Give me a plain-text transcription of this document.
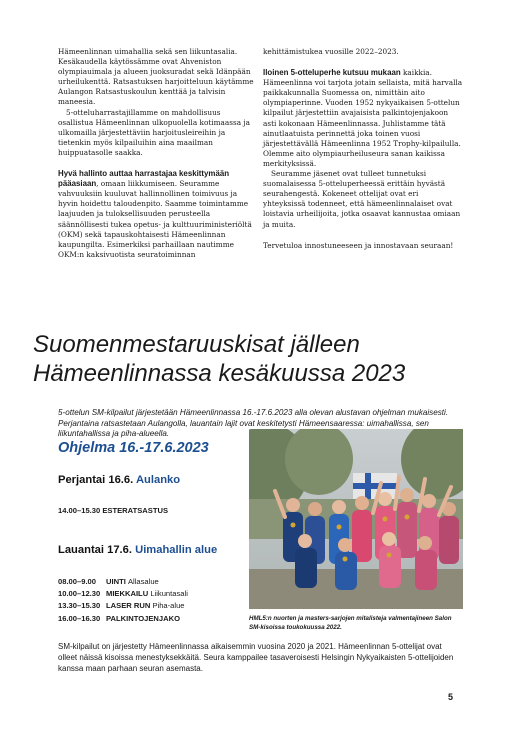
Hämeenlinnan uimahallia sekä sen liikuntasalia. Kesäkaudella käytössämme ovat Ahveniston olympiauimala ja alueen juoksuradat sekä Idänpään urheilukenttä. Ratsastuksen harjoitteluun käytämme Aulangon Ratsastuskoulun kenttää ja talvisin maneesia.

5-otteluharrastajillamme on mahdollisuus osallistua Hämeenlinnan ulkopuolella kotimaassa ja ulkomailla järjestettäviin harjoitusleireihin ja tietenkin myös kilpailuihin aina maailman huippuatasolle saakka.

Hyvä hallinto auttaa harrastajaa keskittymään pääasiaan, omaan liikkumiseen. Seuramme vahvuuksiin kuuluvat hallinnollinen toimivuus ja hyvin hoidettu taloudenpito. Saamme toimintamme laajuuden ja tuloksellisuuden perusteella säännöllisesti tukea opetus- ja kulttuuriministeriöltä (OKM) sekä tapauskohtaisesti Hämeenlinnan kaupungilta. Esimerkiksi parhaillaan nautimme OKM:n kaksivuotista seuratoiminnan

kehittämistukea vuosille 2022–2023.

Iloinen 5-otteluperhe kutsuu mukaan kaikkia. Hämeenlinna voi tarjota jotain sellaista, mitä harvalla paikkakunnalla Suomessa on, nimittäin aito olympiaperinne. Vuoden 1952 nykyaikaisen 5-ottelun kilpailut järjestettiin avajaisista palkintojenjakoon asti kokonaan Hämeenlinnassa. Juhlistamme tätä ainutlaatuista perinnettä joka toinen vuosi järjestettävällä Hämeenlinna 1952 Trophy-kilpailulla. Olemme aito olympiaurheiluseura sanan kaikissa merkityksissä.

Seuramme jäsenet ovat tulleet tunnetuksi suomalaisessa 5-otteluperheessä erittäin hyvästä seurahengestä. Kokeneet ottelijat ovat eri yhteyksissä todenneet, että hämeenlinnalaiset ovat loistavia urheilijoita, jotka osaavat kannustaa omiaan ja muita.

Tervetuloa innostuneeseen ja innostavaan seuraan!

Suomenmestaruuskisat jälleen
Hämeenlinnassa kesäkuussa 2023

5-ottelun SM-kilpailut järjestetään Hämeenlinnassa 16.-17.6.2023 alla olevan alustavan ohjelman mukaisesti. Perjantaina ratsastetaan Aulangolla, lauantain lajit ovat keskitetysti Hämeensaaressa: uimahallissa, sen liikuntahallissa ja piha-alueella.

Ohjelma 16.-17.6.2023
Perjantai 16.6. Aulanko
14.00–15.30 ESTERATSASTUS
Lauantai 17.6. Uimahallin alue
08.00–9.00	UINTI
Allasalue
10.00–12.30 MIEKKAILU
Liikuntasali
13.30–15.30 LASER RUN
Piha-alue
16.00–16.30 PALKINTOJENJAKO
	HML5:n nuorten ja masters-sarjojen mitalisteja valmentajineen Salon SM-kisoissa toukokuussa 2022.

SM-kilpailut on järjestetty Hämeenlinnassa aikaisemmin vuosina 2020 ja 2021. Hämeenlinnan 5-ottelijat ovat olleet näissä kisoissa menestyksekkäitä. Seura kamppailee tasaveroisesti Helsingin Nykyaikaisten 5-ottelijoiden kanssa maan parhaan seuran asemasta.

5
